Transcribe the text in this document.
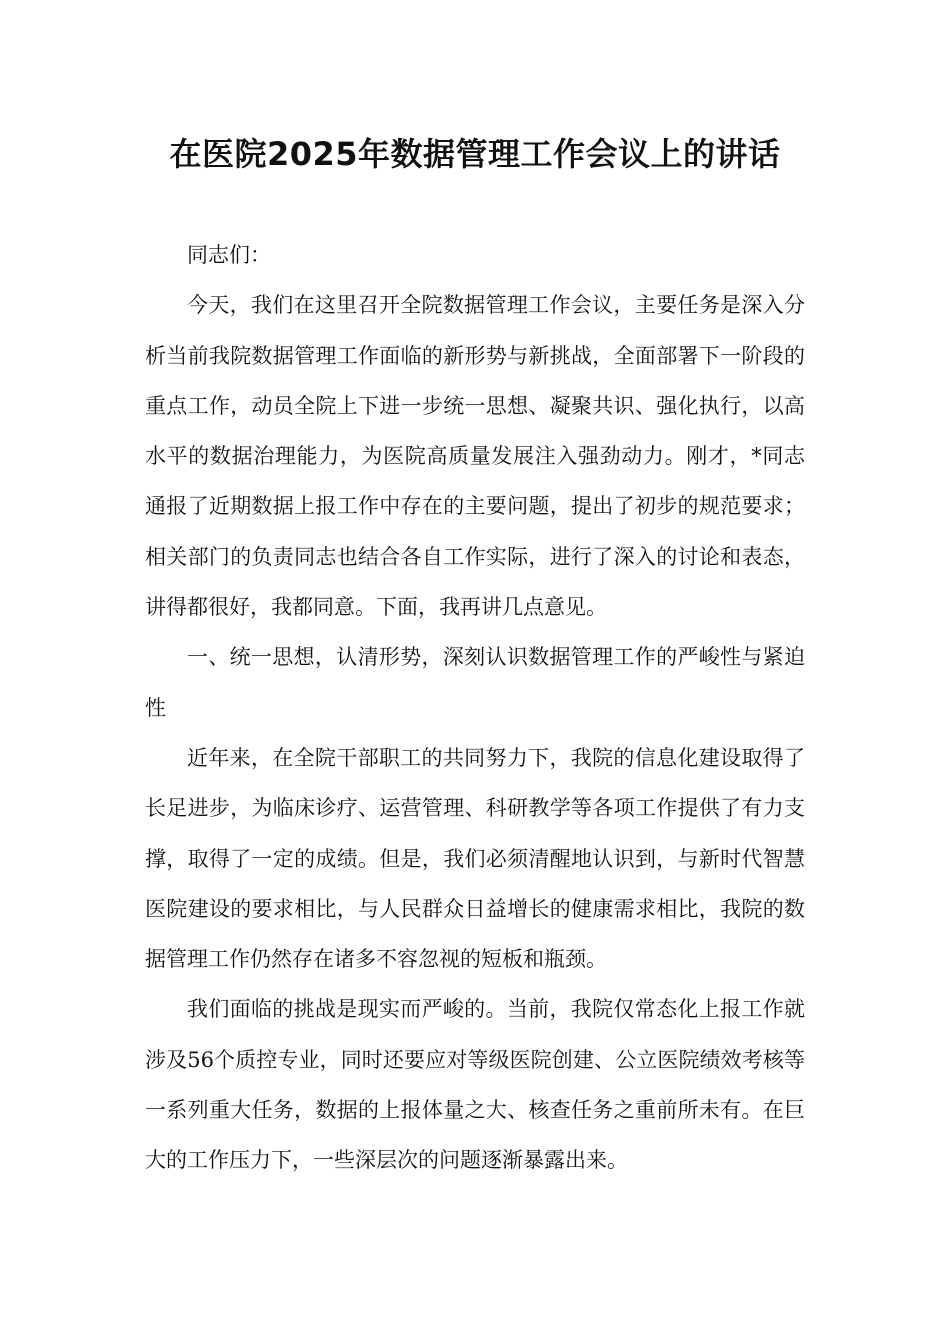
在医院2025年数据管理工作会议上的讲话

同志们：

今天，我们在这里召开全院数据管理工作会议，主要任务是深入分析当前我院数据管理工作面临的新形势与新挑战，全面部署下一阶段的重点工作，动员全院上下进一步统一思想、凝聚共识、强化执行，以高水平的数据治理能力，为医院高质量发展注入强劲动力。刚才，*同志通报了近期数据上报工作中存在的主要问题，提出了初步的规范要求；相关部门的负责同志也结合各自工作实际，进行了深入的讨论和表态，讲得都很好，我都同意。下面，我再讲几点意见。

一、统一思想，认清形势，深刻认识数据管理工作的严峻性与紧迫性

近年来，在全院干部职工的共同努力下，我院的信息化建设取得了长足进步，为临床诊疗、运营管理、科研教学等各项工作提供了有力支撑，取得了一定的成绩。但是，我们必须清醒地认识到，与新时代智慧医院建设的要求相比，与人民群众日益增长的健康需求相比，我院的数据管理工作仍然存在诸多不容忽视的短板和瓶颈。

我们面临的挑战是现实而严峻的。当前，我院仅常态化上报工作就涉及56个质控专业，同时还要应对等级医院创建、公立医院绩效考核等一系列重大任务，数据的上报体量之大、核查任务之重前所未有。在巨大的工作压力下，一些深层次的问题逐渐暴露出来。
